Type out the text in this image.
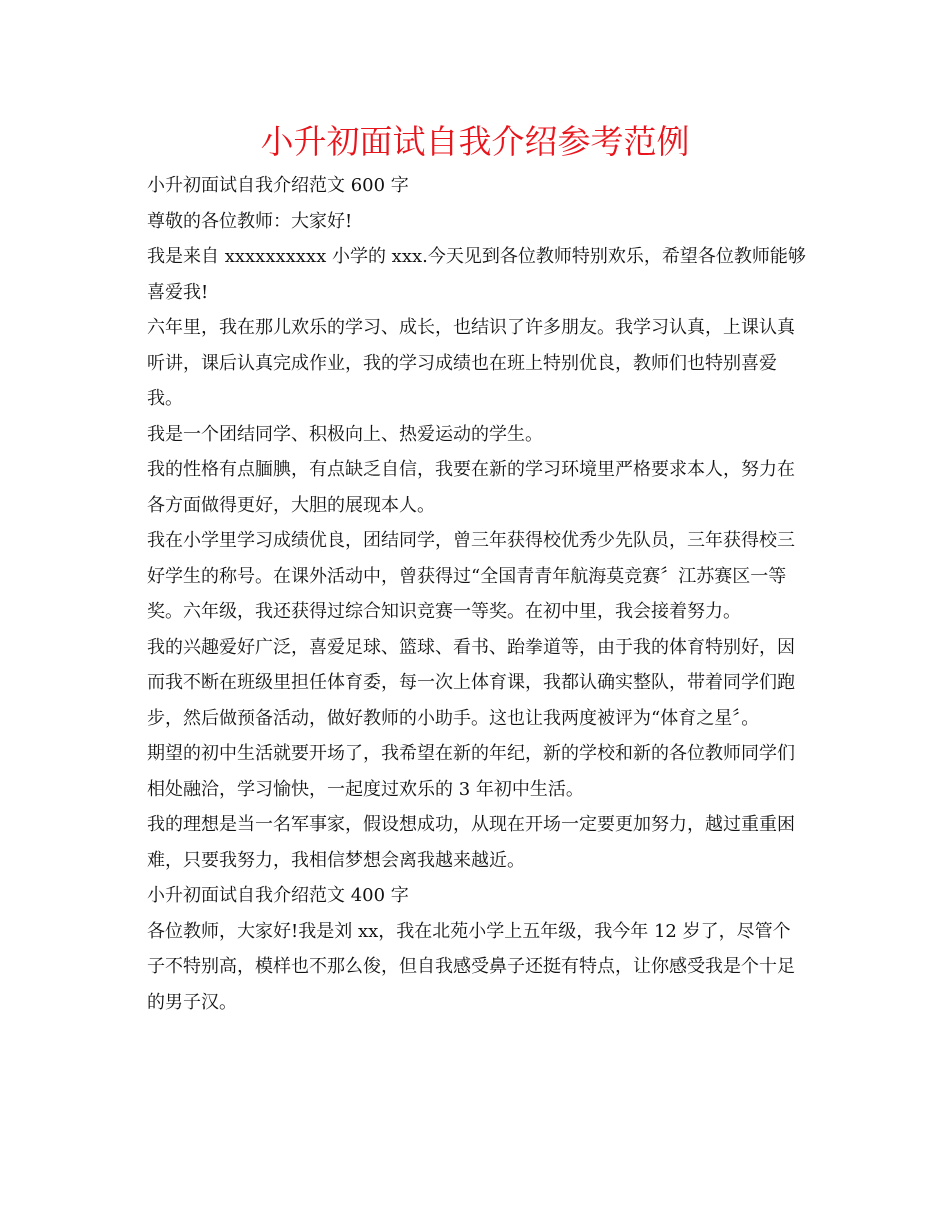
小升初面试自我介绍参考范例

小升初面试自我介绍范文 600 字

尊敬的各位教师：大家好!

我是来自 xxxxxxxxxx 小学的 xxx.今天见到各位教师特别欢乐，希望各位教师能够喜爱我!

六年里，我在那儿欢乐的学习、成长，也结识了许多朋友。我学习认真，上课认真听讲，课后认真完成作业，我的学习成绩也在班上特别优良，教师们也特别喜爱我。

我是一个团结同学、积极向上、热爱运动的学生。

我的性格有点腼腆，有点缺乏自信，我要在新的学习环境里严格要求本人，努力在各方面做得更好，大胆的展现本人。

我在小学里学习成绩优良，团结同学，曾三年获得校优秀少先队员，三年获得校三好学生的称号。在课外活动中，曾获得过“全国青青年航海莫竞赛〞江苏赛区一等奖。六年级，我还获得过综合知识竞赛一等奖。在初中里，我会接着努力。

我的兴趣爱好广泛，喜爱足球、篮球、看书、跆拳道等，由于我的体育特别好，因而我不断在班级里担任体育委，每一次上体育课，我都认确实整队，带着同学们跑步，然后做预备活动，做好教师的小助手。这也让我两度被评为“体育之星〞。

期望的初中生活就要开场了，我希望在新的年纪，新的学校和新的各位教师同学们相处融洽，学习愉快，一起度过欢乐的 3 年初中生活。

我的理想是当一名军事家，假设想成功，从现在开场一定要更加努力，越过重重困难，只要我努力，我相信梦想会离我越来越近。

小升初面试自我介绍范文 400 字

各位教师，大家好!我是刘 xx，我在北苑小学上五年级，我今年 12 岁了，尽管个子不特别高，模样也不那么俊，但自我感受鼻子还挺有特点，让你感受我是个十足的男子汉。
